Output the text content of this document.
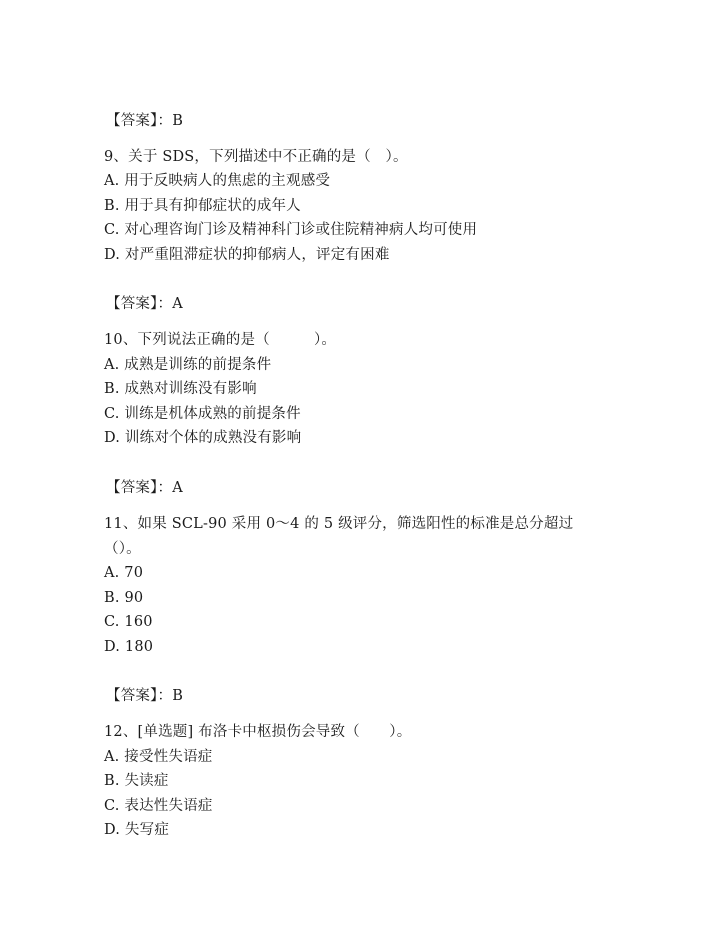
【答案】：B
9、关于 SDS，下列描述中不正确的是（　）。
A. 用于反映病人的焦虑的主观感受
B. 用于具有抑郁症状的成年人
C. 对心理咨询门诊及精神科门诊或住院精神病人均可使用
D. 对严重阻滞症状的抑郁病人，评定有困难
【答案】：A
10、下列说法正确的是（　　　）。
A. 成熟是训练的前提条件
B. 成熟对训练没有影响
C. 训练是机体成熟的前提条件
D. 训练对个体的成熟没有影响
【答案】：A
11、如果 SCL-90 采用 0～4 的 5 级评分，筛选阳性的标准是总分超过
（）。
A. 70
B. 90
C. 160
D. 180
【答案】：B
12、[单选题] 布洛卡中枢损伤会导致（　　）。
A. 接受性失语症
B. 失读症
C. 表达性失语症
D. 失写症
